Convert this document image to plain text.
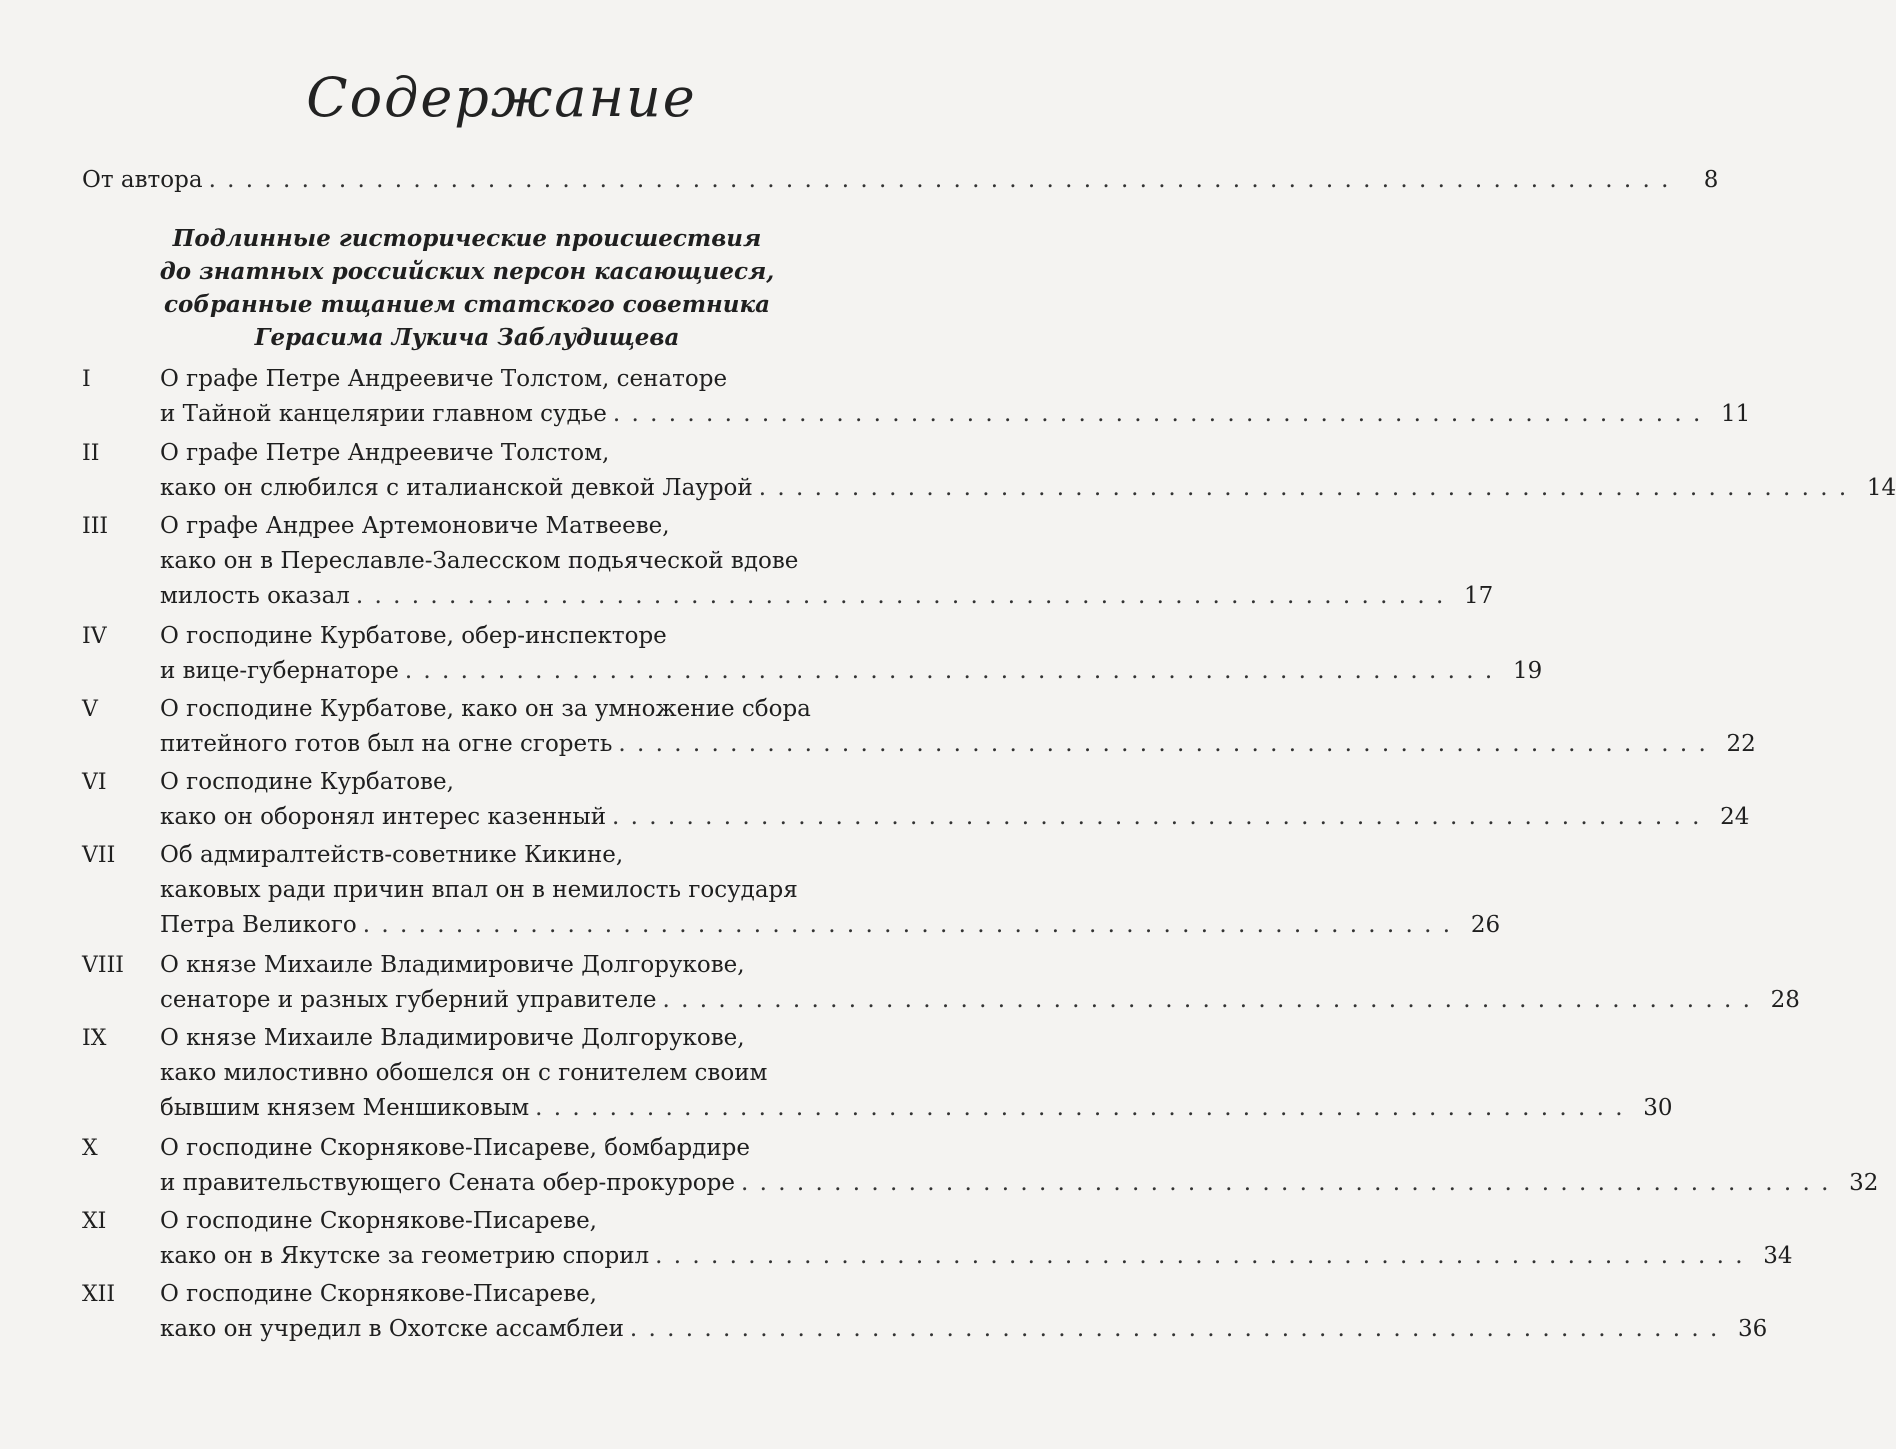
Содержание
От автора . . . . . . . . . . . . . . . . . . . . . . . . . . . . . . . . . . . . . . . . . . . . . . . . . . . . . . . . . . . . . . . . . . . . . . . . . . . . . . .	8
Подлинные гисторические происшествия
до знатных российских персон касающиеся,
собранные тщанием статского советника
Герасима Лукича Заблудищева
I	О графе Петре Андреевиче Толстом, сенаторе
и Тайной канцелярии главном судье . . . . . . . . . . . . . . . . . . . . . . . . . . . . . . . . . . . . . . . . . . . . . . . . . . . . . . . . . . . 11
II	О графе Петре Андреевиче Толстом,
како он слюбился с италианской девкой Лаурой . . . . . . . . . . . . . . . . . . . . . . . . . . . . . . . . . . . . . . . . . . . . . . . . . . . . . . . . . . . 14
III	О графе Андрее Артемоновиче Матвееве,
како он в Переславле-Залесском подьяческой вдове
милость оказал . . . . . . . . . . . . . . . . . . . . . . . . . . . . . . . . . . . . . . . . . . . . . . . . . . . . . . . . . . . 17
IV	О господине Курбатове, обер-инспекторе
и вице-губернаторе . . . . . . . . . . . . . . . . . . . . . . . . . . . . . . . . . . . . . . . . . . . . . . . . . . . . . . . . . . . 19
V	О господине Курбатове, како он за умножение сбора
питейного готов был на огне сгореть . . . . . . . . . . . . . . . . . . . . . . . . . . . . . . . . . . . . . . . . . . . . . . . . . . . . . . . . . . . 22
VI	О господине Курбатове,
како он оборонял интерес казенный . . . . . . . . . . . . . . . . . . . . . . . . . . . . . . . . . . . . . . . . . . . . . . . . . . . . . . . . . . . 24
VII	Об адмиралтейств-советнике Кикине,
каковых ради причин впал он в немилость государя
Петра Великого . . . . . . . . . . . . . . . . . . . . . . . . . . . . . . . . . . . . . . . . . . . . . . . . . . . . . . . . . . . 26
VIII	О князе Михаиле Владимировиче Долгорукове,
сенаторе и разных губерний управителе . . . . . . . . . . . . . . . . . . . . . . . . . . . . . . . . . . . . . . . . . . . . . . . . . . . . . . . . . . . 28
IX	О князе Михаиле Владимировиче Долгорукове,
како милостивно обошелся он с гонителем своим
бывшим князем Меншиковым . . . . . . . . . . . . . . . . . . . . . . . . . . . . . . . . . . . . . . . . . . . . . . . . . . . . . . . . . . . 30
X	О господине Скорнякове-Писареве, бомбардире
и правительствующего Сената обер-прокуроре . . . . . . . . . . . . . . . . . . . . . . . . . . . . . . . . . . . . . . . . . . . . . . . . . . . . . . . . . . . 32
XI	О господине Скорнякове-Писареве,
како он в Якутске за геометрию спорил . . . . . . . . . . . . . . . . . . . . . . . . . . . . . . . . . . . . . . . . . . . . . . . . . . . . . . . . . . . 34
XII	О господине Скорнякове-Писареве,
како он учредил в Охотске ассамблеи . . . . . . . . . . . . . . . . . . . . . . . . . . . . . . . . . . . . . . . . . . . . . . . . . . . . . . . . . . . 36
